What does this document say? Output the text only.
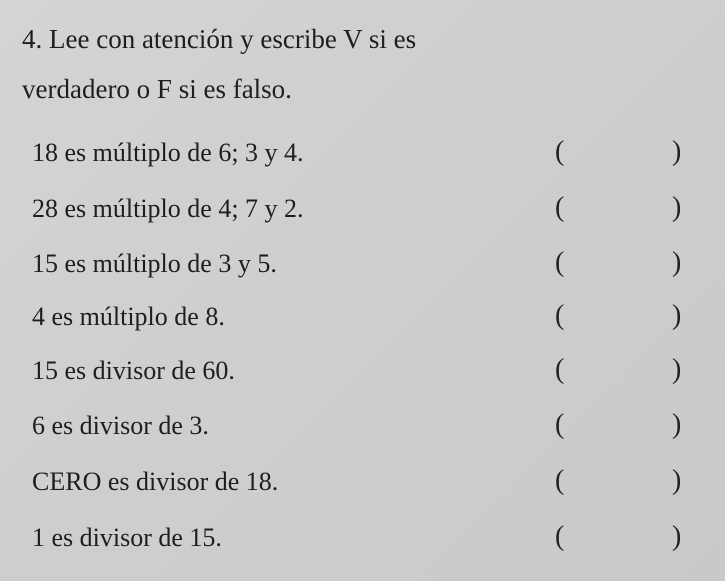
4. Lee con atención y escribe V si es
verdadero o F si es falso.
18 es múltiplo de 6; 3 y 4.	(	)
28 es múltiplo de 4; 7 y 2.	(	)
15 es múltiplo de 3 y 5.	(	)
4 es múltiplo de 8.	(	)
15 es divisor de 60.	(	)
6 es divisor de 3.	(	)
CERO es divisor de 18.	(	)
1 es divisor de 15.	(	)
